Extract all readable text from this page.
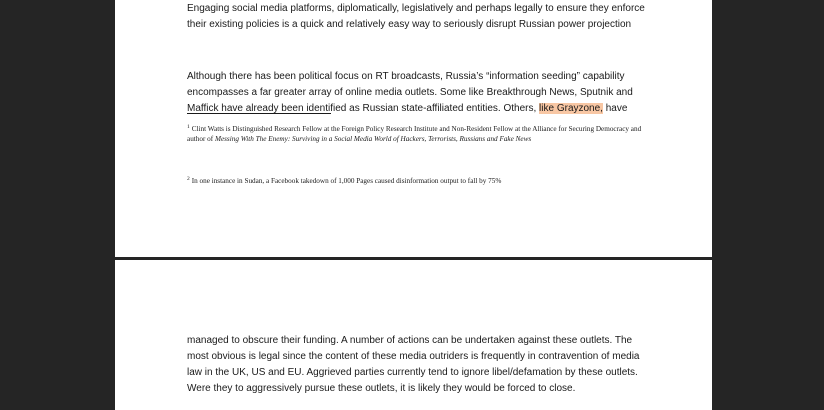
Engaging social media platforms, diplomatically, legislatively and perhaps legally to ensure they enforce their existing policies is a quick and relatively easy way to seriously disrupt Russian power projection

Although there has been political focus on RT broadcasts, Russia’s “information seeding” capability encompasses a far greater array of online media outlets. Some like Breakthrough News, Sputnik and Maffick have already been identified as Russian state-affiliated entities. Others, like Grayzone, have

$^1$ Clint Watts is Distinguished Research Fellow at the Foreign Policy Research Institute and Non-Resident Fellow at the Alliance for Securing Democracy and author of Messing With The Enemy: Surviving in a Social Media World of Hackers, Terrorists, Russians and Fake News

$^2$ In one instance in Sudan, a Facebook takedown of 1,000 Pages caused disinformation output to fall by 75%

managed to obscure their funding. A number of actions can be undertaken against these outlets. The most obvious is legal since the content of these media outriders is frequently in contravention of media law in the UK, US and EU. Aggrieved parties currently tend to ignore libel/defamation by these outlets. Were they to aggressively pursue these outlets, it is likely they would be forced to close.
